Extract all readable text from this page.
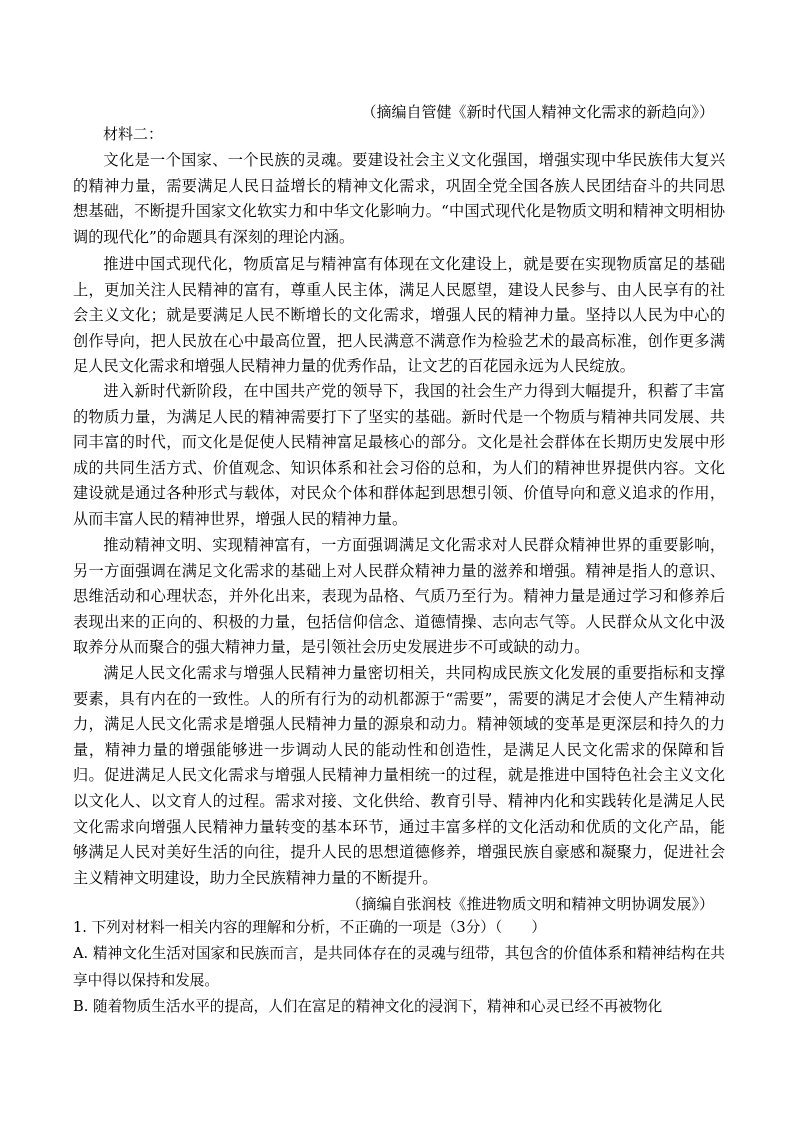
（摘编自管健《新时代国人精神文化需求的新趋向》）
材料二：

文化是一个国家、一个民族的灵魂。要建设社会主义文化强国，增强实现中华民族伟大复兴的精神力量，需要满足人民日益增长的精神文化需求，巩固全党全国各族人民团结奋斗的共同思想基础，不断提升国家文化软实力和中华文化影响力。“中国式现代化是物质文明和精神文明相协调的现代化”的命题具有深刻的理论内涵。

推进中国式现代化，物质富足与精神富有体现在文化建设上，就是要在实现物质富足的基础上，更加关注人民精神的富有，尊重人民主体，满足人民愿望，建设人民参与、由人民享有的社会主义文化；就是要满足人民不断增长的文化需求，增强人民的精神力量。坚持以人民为中心的创作导向，把人民放在心中最高位置，把人民满意不满意作为检验艺术的最高标准，创作更多满足人民文化需求和增强人民精神力量的优秀作品，让文艺的百花园永远为人民绽放。

进入新时代新阶段，在中国共产党的领导下，我国的社会生产力得到大幅提升，积蓄了丰富的物质力量，为满足人民的精神需要打下了坚实的基础。新时代是一个物质与精神共同发展、共同丰富的时代，而文化是促使人民精神富足最核心的部分。文化是社会群体在长期历史发展中形成的共同生活方式、价值观念、知识体系和社会习俗的总和，为人们的精神世界提供内容。文化建设就是通过各种形式与载体，对民众个体和群体起到思想引领、价值导向和意义追求的作用，从而丰富人民的精神世界，增强人民的精神力量。

推动精神文明、实现精神富有，一方面强调满足文化需求对人民群众精神世界的重要影响，另一方面强调在满足文化需求的基础上对人民群众精神力量的滋养和增强。精神是指人的意识、思维活动和心理状态，并外化出来，表现为品格、气质乃至行为。精神力量是通过学习和修养后表现出来的正向的、积极的力量，包括信仰信念、道德情操、志向志气等。人民群众从文化中汲取养分从而聚合的强大精神力量，是引领社会历史发展进步不可或缺的动力。

满足人民文化需求与增强人民精神力量密切相关，共同构成民族文化发展的重要指标和支撑要素，具有内在的一致性。人的所有行为的动机都源于“需要”，需要的满足才会使人产生精神动力，满足人民文化需求是增强人民精神力量的源泉和动力。精神领域的变革是更深层和持久的力量，精神力量的增强能够进一步调动人民的能动性和创造性，是满足人民文化需求的保障和旨归。促进满足人民文化需求与增强人民精神力量相统一的过程，就是推进中国特色社会主义文化以文化人、以文育人的过程。需求对接、文化供给、教育引导、精神内化和实践转化是满足人民文化需求向增强人民精神力量转变的基本环节，通过丰富多样的文化活动和优质的文化产品，能够满足人民对美好生活的向往，提升人民的思想道德修养，增强民族自豪感和凝聚力，促进社会主义精神文明建设，助力全民族精神力量的不断提升。

（摘编自张润枝《推进物质文明和精神文明协调发展》）
1. 下列对材料一相关内容的理解和分析，不正确的一项是（3分）（　　）
A. 精神文化生活对国家和民族而言，是共同体存在的灵魂与纽带，其包含的价值体系和精神结构在共享中得以保持和发展。
B. 随着物质生活水平的提高，人们在富足的精神文化的浸润下，精神和心灵已经不再被物化
